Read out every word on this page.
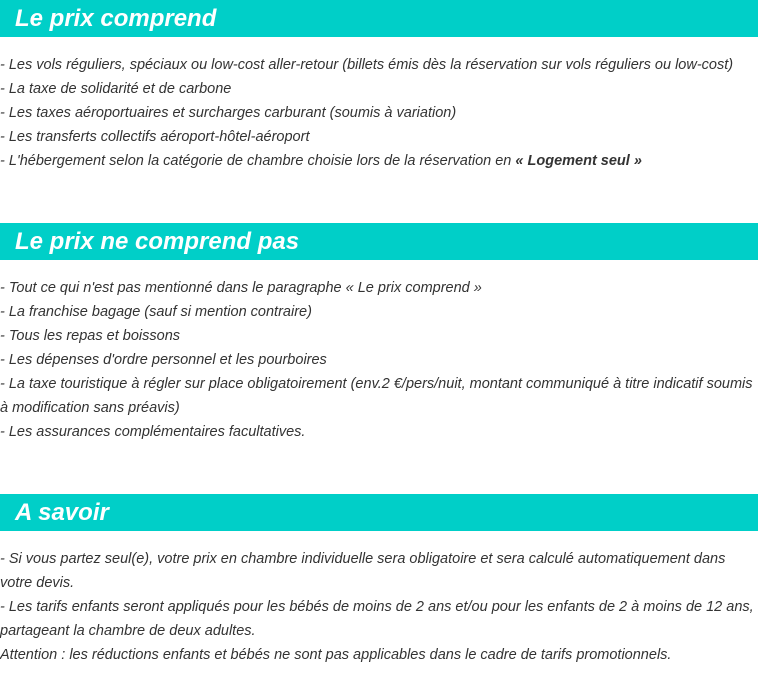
Le prix comprend
- Les vols réguliers, spéciaux ou low-cost aller-retour (billets émis dès la réservation sur vols réguliers ou low-cost)
- La taxe de solidarité et de carbone
- Les taxes aéroportuaires et surcharges carburant (soumis à variation)
- Les transferts collectifs aéroport-hôtel-aéroport
- L'hébergement selon la catégorie de chambre choisie lors de la réservation en « Logement seul »
Le prix ne comprend pas
- Tout ce qui n'est pas mentionné dans le paragraphe « Le prix comprend »
- La franchise bagage (sauf si mention contraire)
- Tous les repas et boissons
- Les dépenses d'ordre personnel et les pourboires
- La taxe touristique à régler sur place obligatoirement (env.2 €/pers/nuit, montant communiqué à titre indicatif soumis à modification sans préavis)
- Les assurances complémentaires facultatives.
A savoir
- Si vous partez seul(e), votre prix en chambre individuelle sera obligatoire et sera calculé automatiquement dans votre devis.
- Les tarifs enfants seront appliqués pour les bébés de moins de 2 ans et/ou pour les enfants de 2 à moins de 12 ans, partageant la chambre de deux adultes.
Attention : les réductions enfants et bébés ne sont pas applicables dans le cadre de tarifs promotionnels.
